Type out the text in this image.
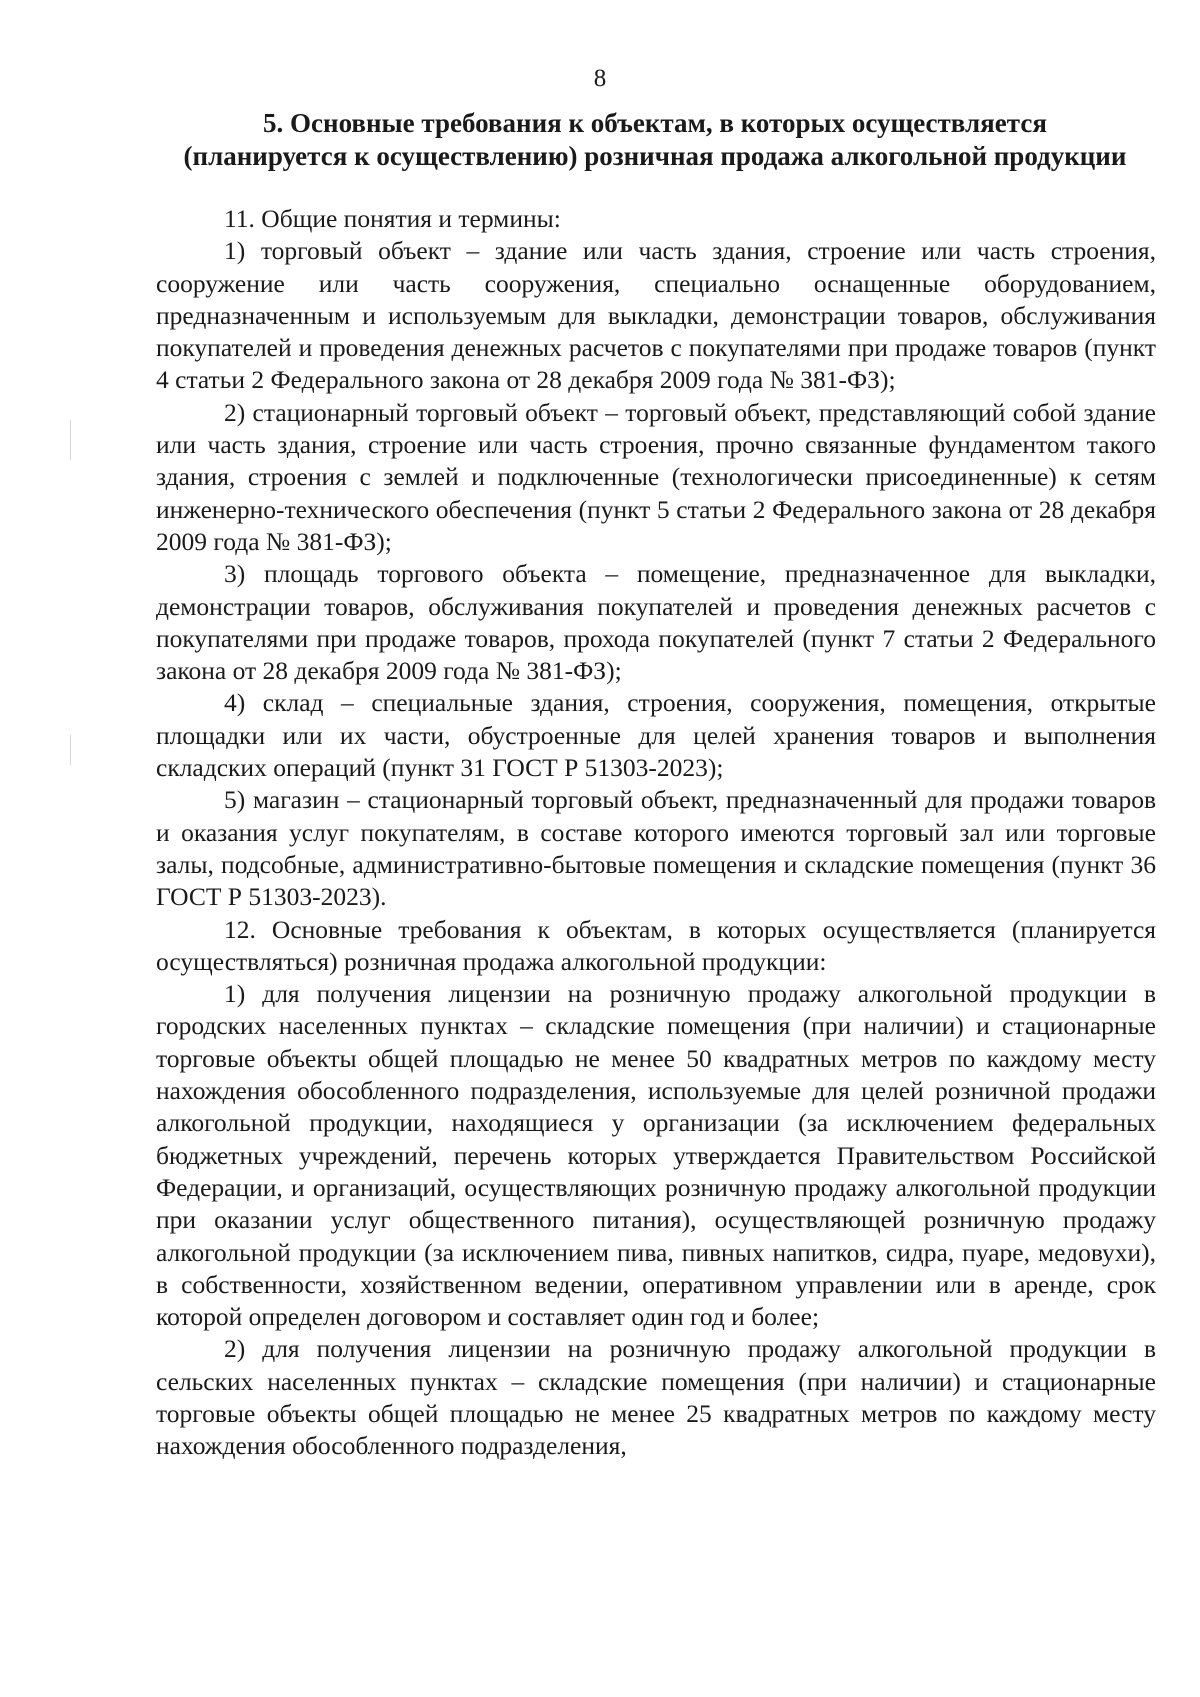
8
5. Основные требования к объектам, в которых осуществляется
(планируется к осуществлению) розничная продажа алкогольной продукции

11. Общие понятия и термины:

1) торговый объект – здание или часть здания, строение или часть строения, сооружение или часть сооружения, специально оснащенные оборудованием, предназначенным и используемым для выкладки, демонстрации товаров, обслуживания покупателей и проведения денежных расчетов с покупателями при продаже товаров (пункт 4 статьи 2 Федерального закона от 28 декабря 2009 года № 381-ФЗ);

2) стационарный торговый объект – торговый объект, представляющий собой здание или часть здания, строение или часть строения, прочно связанные фундаментом такого здания, строения с землей и подключенные (технологически присоединенные) к сетям инженерно-технического обеспечения (пункт 5 статьи 2 Федерального закона от 28 декабря 2009 года № 381-ФЗ);

3) площадь торгового объекта – помещение, предназначенное для выкладки, демонстрации товаров, обслуживания покупателей и проведения денежных расчетов с покупателями при продаже товаров, прохода покупателей (пункт 7 статьи 2 Федерального закона от 28 декабря 2009 года № 381-ФЗ);

4) склад – специальные здания, строения, сооружения, помещения, открытые площадки или их части, обустроенные для целей хранения товаров и выполнения складских операций (пункт 31 ГОСТ Р 51303-2023);

5) магазин – стационарный торговый объект, предназначенный для продажи товаров и оказания услуг покупателям, в составе которого имеются торговый зал или торговые залы, подсобные, административно-бытовые помещения и складские помещения (пункт 36 ГОСТ Р 51303-2023).

12. Основные требования к объектам, в которых осуществляется (планируется осуществляться) розничная продажа алкогольной продукции:

1) для получения лицензии на розничную продажу алкогольной продукции в городских населенных пунктах – складские помещения (при наличии) и стационарные торговые объекты общей площадью не менее 50 квадратных метров по каждому месту нахождения обособленного подразделения, используемые для целей розничной продажи алкогольной продукции, находящиеся у организации (за исключением федеральных бюджетных учреждений, перечень которых утверждается Правительством Российской Федерации, и организаций, осуществляющих розничную продажу алкогольной продукции при оказании услуг общественного питания), осуществляющей розничную продажу алкогольной продукции (за исключением пива, пивных напитков, сидра, пуаре, медовухи), в собственности, хозяйственном ведении, оперативном управлении или в аренде, срок которой определен договором и составляет один год и более;

2) для получения лицензии на розничную продажу алкогольной продукции в сельских населенных пунктах – складские помещения (при наличии) и стационарные торговые объекты общей площадью не менее 25 квадратных метров по каждому месту нахождения обособленного подразделения,
